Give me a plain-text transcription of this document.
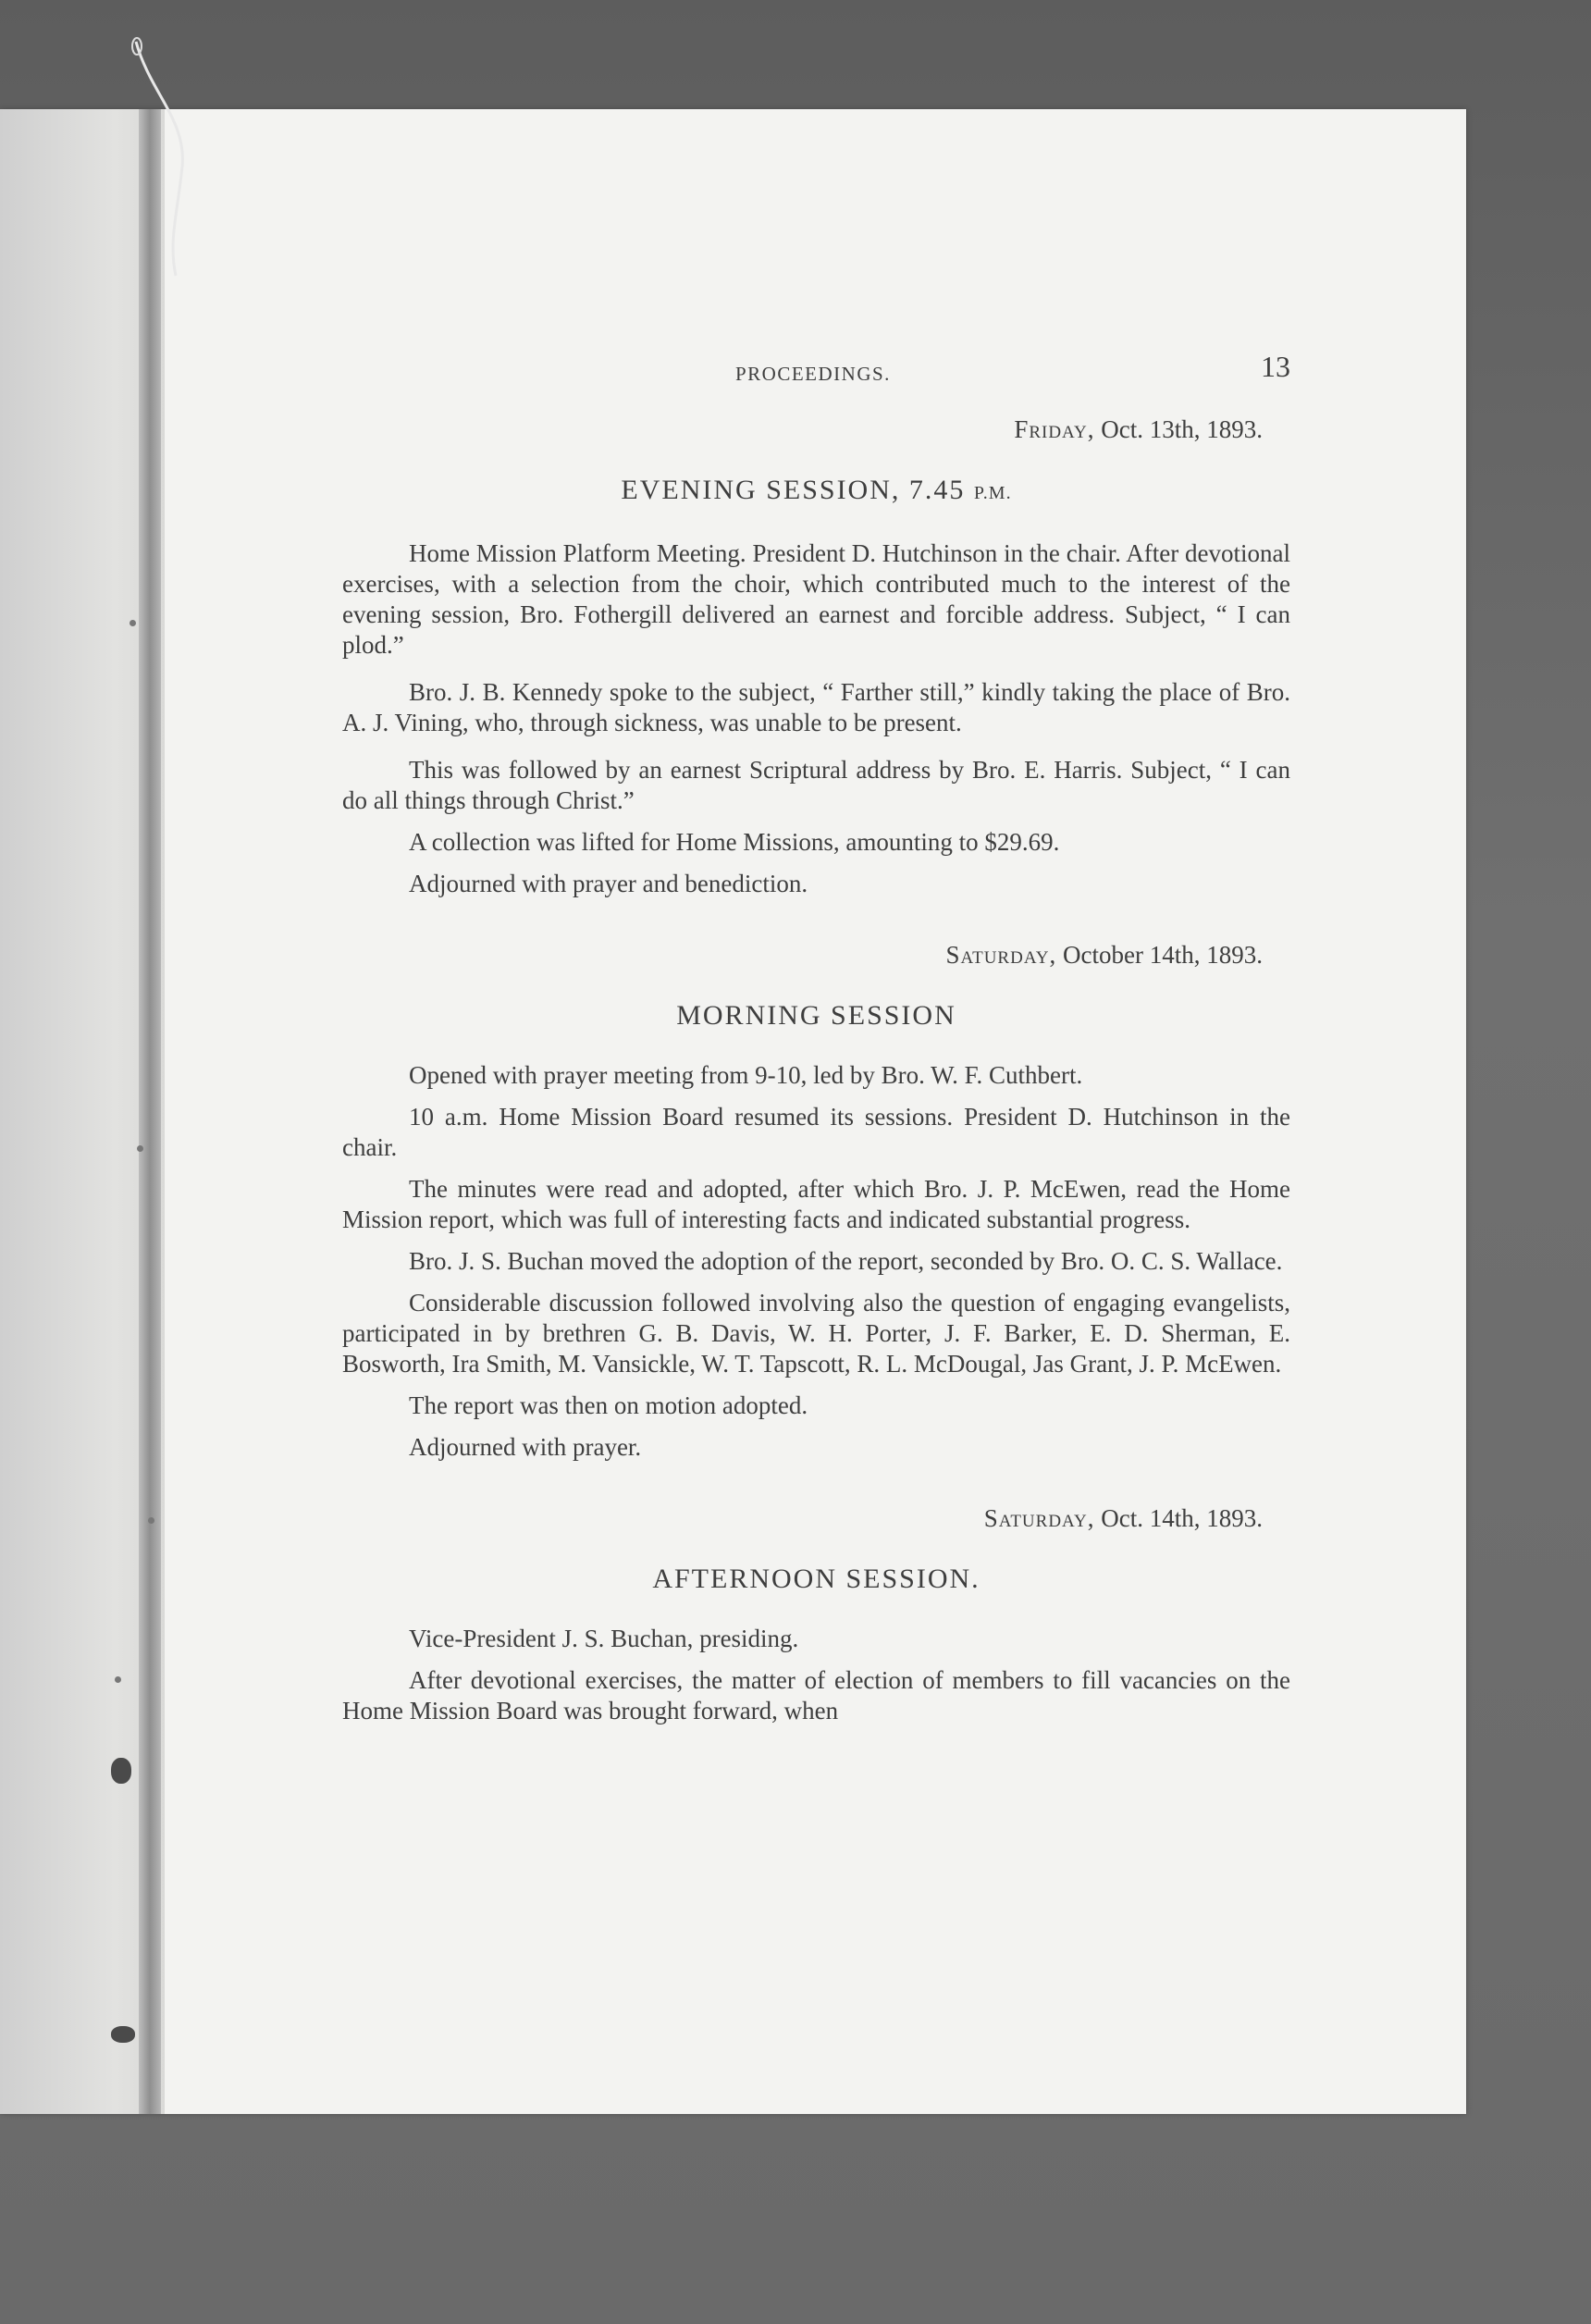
PROCEEDINGS.	13
Friday, Oct. 13th, 1893.
EVENING SESSION, 7.45 P.M.

Home Mission Platform Meeting. President D. Hutchinson in the chair. After devotional exercises, with a selection from the choir, which contributed much to the interest of the evening session, Bro. Fothergill delivered an earnest and forcible address. Subject, “ I can plod.”

Bro. J. B. Kennedy spoke to the subject, “ Farther still,” kindly taking the place of Bro. A. J. Vining, who, through sickness, was unable to be present.

This was followed by an earnest Scriptural address by Bro. E. Harris. Subject, “ I can do all things through Christ.”

A collection was lifted for Home Missions, amounting to $29.69.

Adjourned with prayer and benediction.

Saturday, October 14th, 1893.
MORNING SESSION

Opened with prayer meeting from 9-10, led by Bro. W. F. Cuthbert.

10 a.m. Home Mission Board resumed its sessions. President D. Hutchinson in the chair.

The minutes were read and adopted, after which Bro. J. P. McEwen, read the Home Mission report, which was full of interesting facts and indicated substantial progress.

Bro. J. S. Buchan moved the adoption of the report, seconded by Bro. O. C. S. Wallace.

Considerable discussion followed involving also the question of engaging evangelists, participated in by brethren G. B. Davis, W. H. Porter, J. F. Barker, E. D. Sherman, E. Bosworth, Ira Smith, M. Vansickle, W. T. Tapscott, R. L. McDougal, Jas Grant, J. P. McEwen.

The report was then on motion adopted.

Adjourned with prayer.

Saturday, Oct. 14th, 1893.
AFTERNOON SESSION.

Vice-President J. S. Buchan, presiding.

After devotional exercises, the matter of election of members to fill vacancies on the Home Mission Board was brought forward, when
